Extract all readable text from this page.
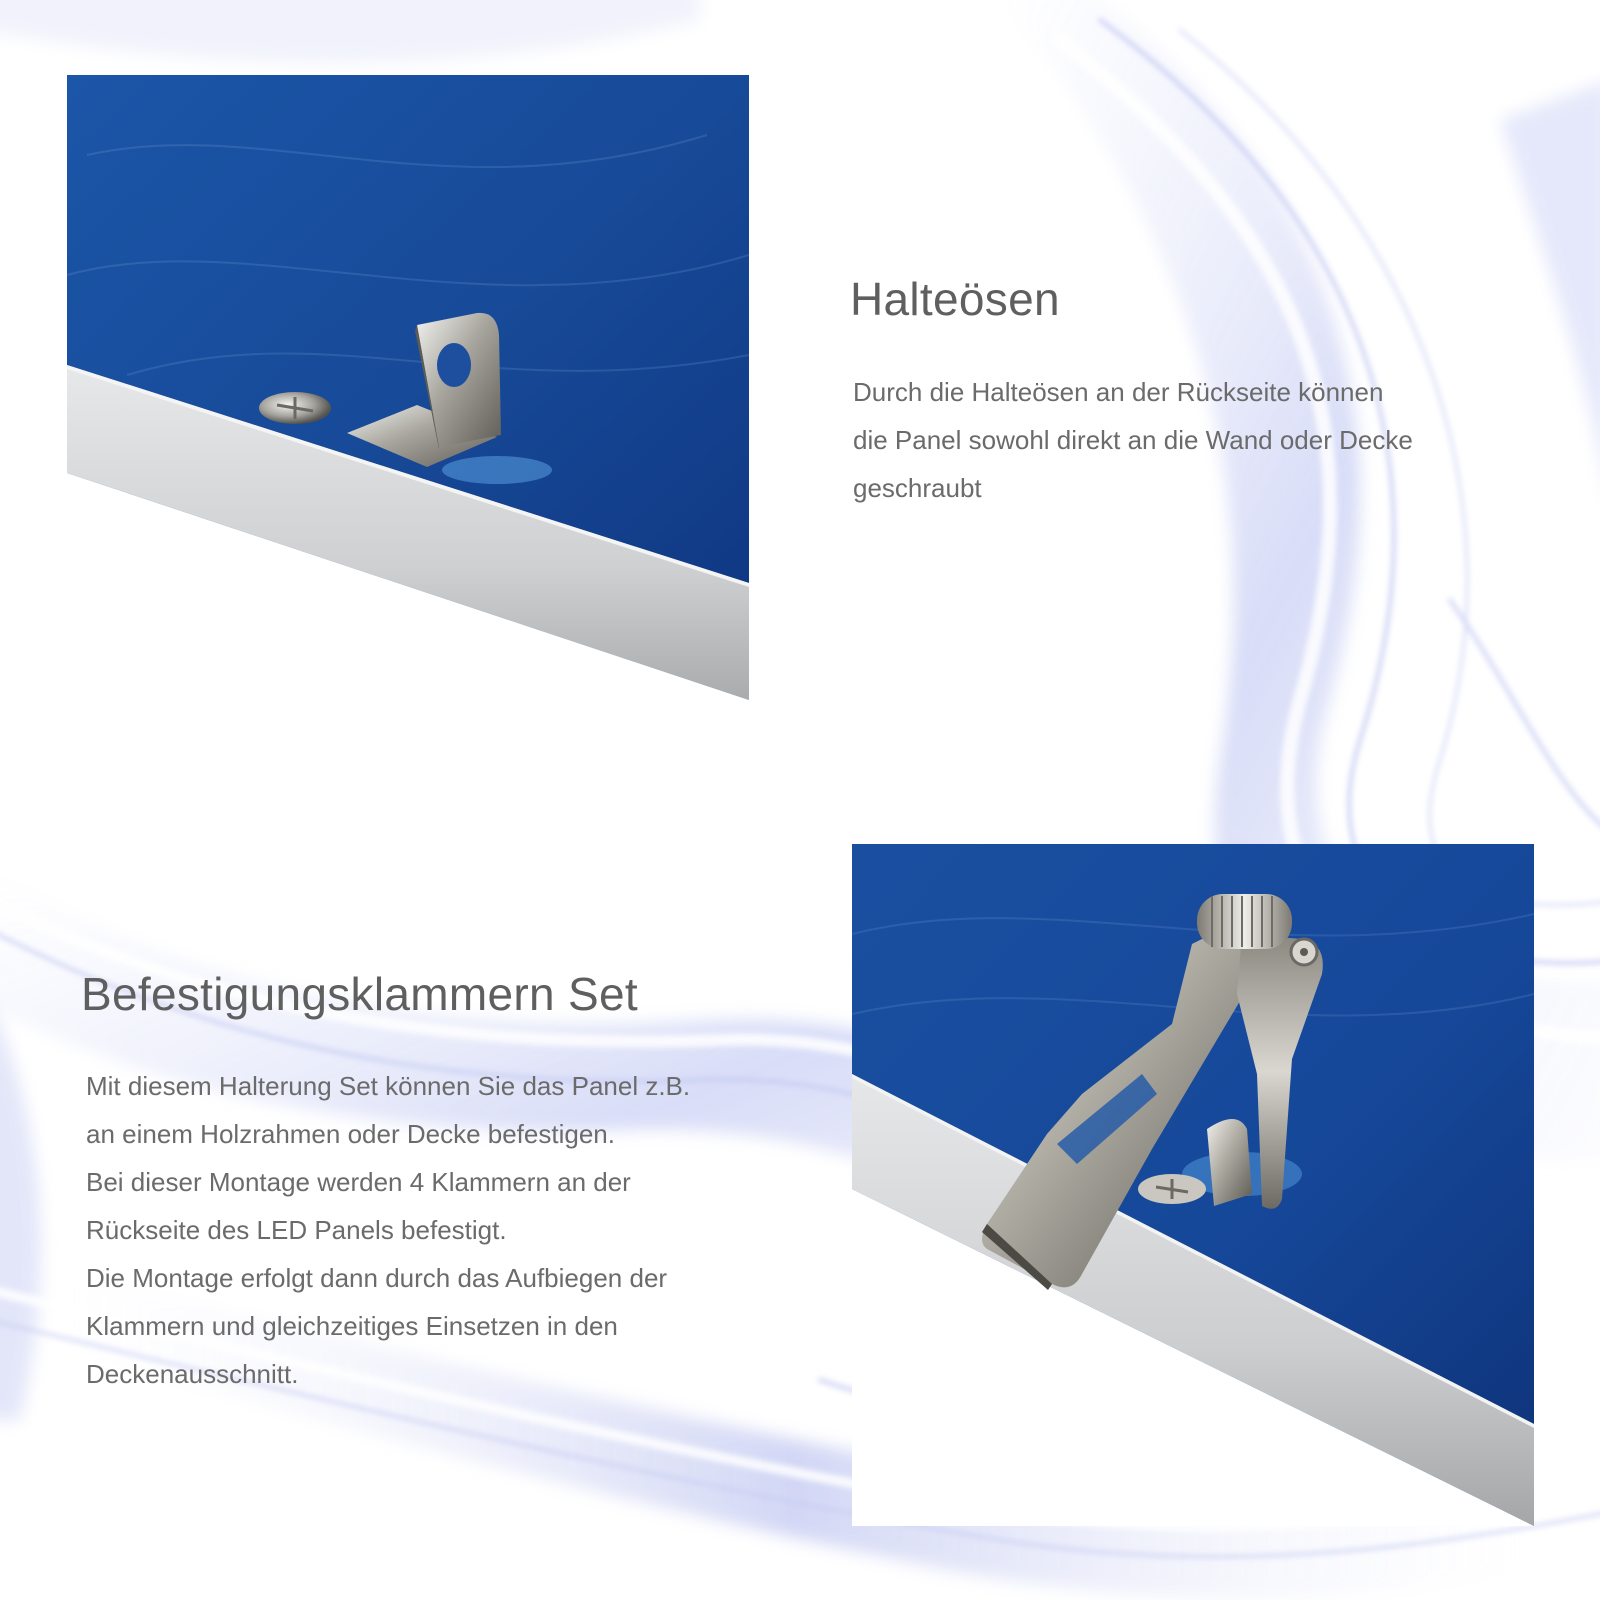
Halteösen

Durch die Halteösen an der Rückseite können
die Panel sowohl direkt an die Wand oder Decke
geschraubt

Befestigungsklammern Set

Mit diesem Halterung Set können Sie das Panel z.B.
an einem Holzrahmen oder Decke befestigen.
Bei dieser Montage werden 4 Klammern an der
Rückseite des LED Panels befestigt.
Die Montage erfolgt dann durch das Aufbiegen der
Klammern und gleichzeitiges Einsetzen in den
Deckenausschnitt.
